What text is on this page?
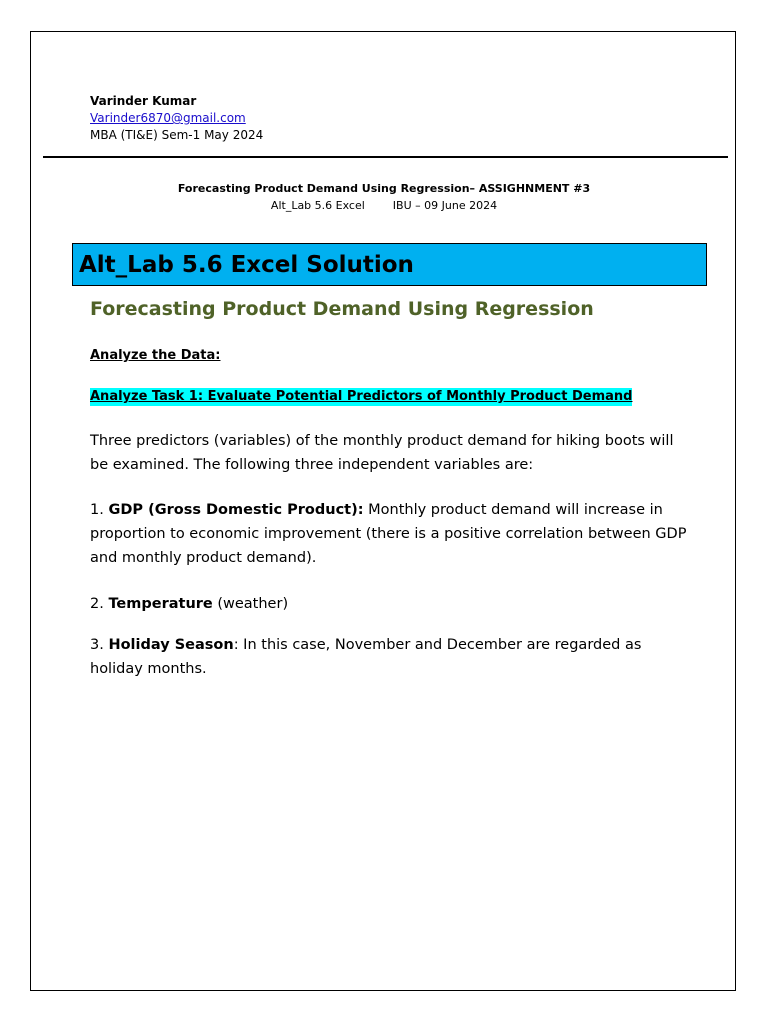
Varinder Kumar
Varinder6870@gmail.com
MBA (TI&E) Sem-1 May 2024
Forecasting Product Demand Using Regression– ASSIGHNMENT #3
Alt_Lab 5.6 Excel	IBU – 09 June 2024
Alt_Lab 5.6 Excel Solution
Forecasting Product Demand Using Regression
Analyze the Data:
Analyze Task 1: Evaluate Potential Predictors of Monthly Product Demand
Three predictors (variables) of the monthly product demand for hiking boots will be examined. The following three independent variables are:
1. GDP (Gross Domestic Product): Monthly product demand will increase in proportion to economic improvement (there is a positive correlation between GDP and monthly product demand).
2. Temperature (weather)
3. Holiday Season: In this case, November and December are regarded as holiday months.
